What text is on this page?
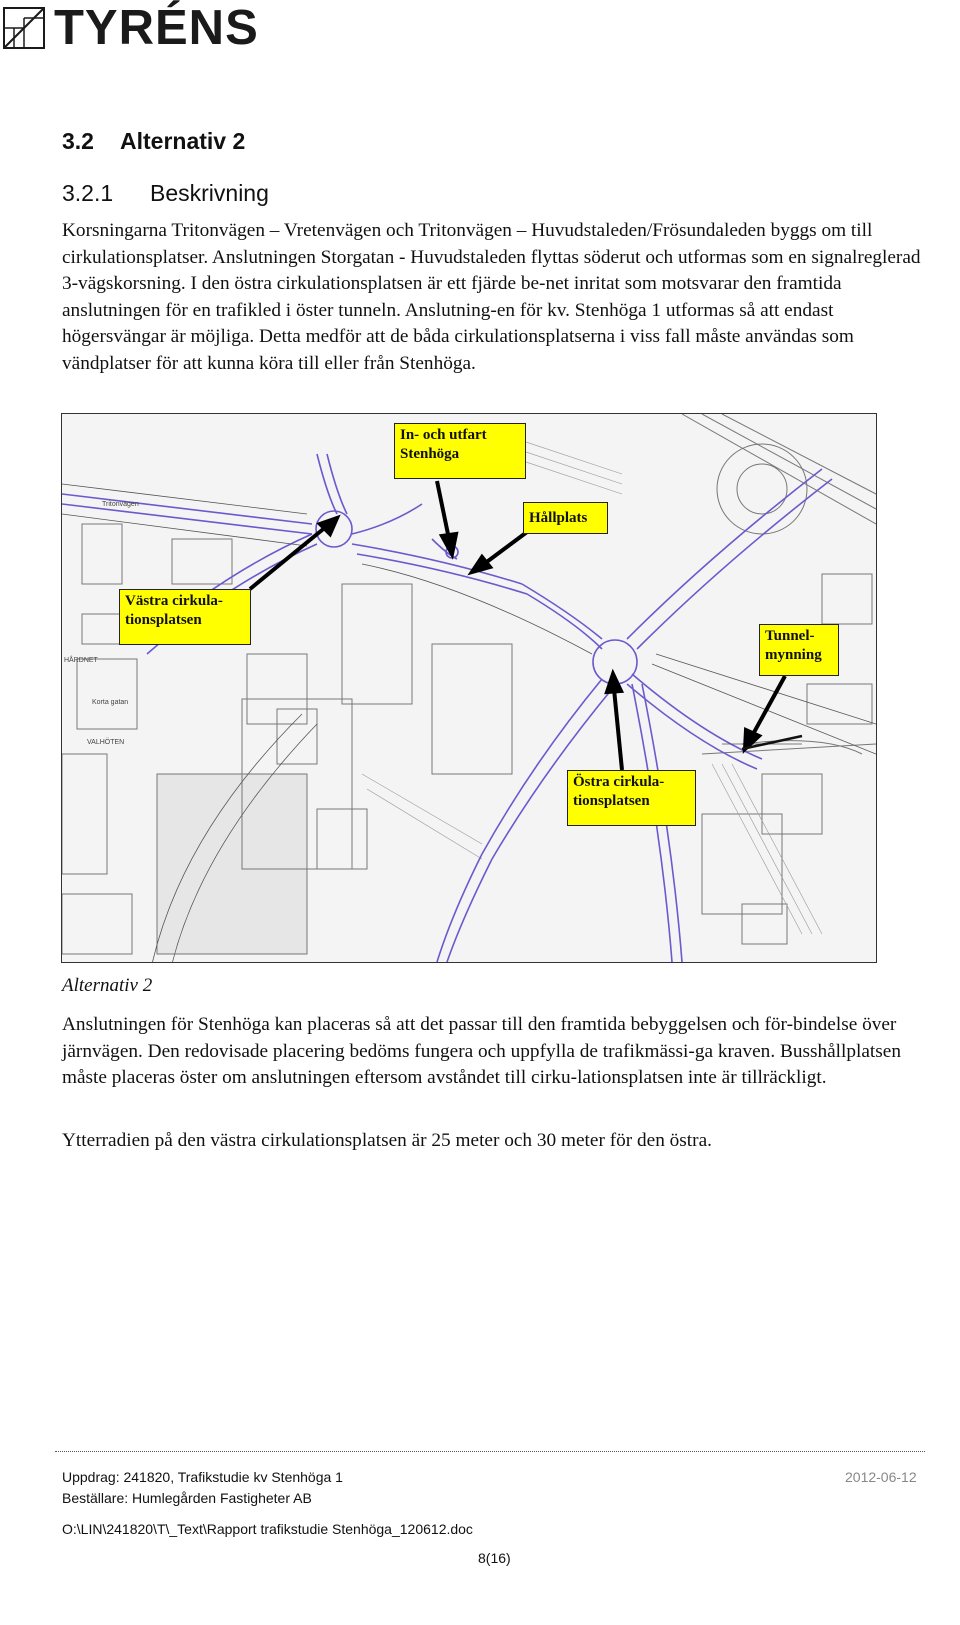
TYRÉNS
3.2 Alternativ 2
3.2.1 Beskrivning

Korsningarna Tritonvägen – Vretenvägen och Tritonvägen – Huvudstaleden/Frösundaleden byggs om till cirkulationsplatser. Anslutningen Storgatan - Huvudstaleden flyttas söderut och utformas som en signalreglerad 3-vägskorsning. I den östra cirkulationsplatsen är ett fjärde be-net inritat som motsvarar den framtida anslutningen för en trafikled i öster tunneln. Anslutning-en för kv. Stenhöga 1 utformas så att endast högersvängar är möjliga. Detta medför att de båda cirkulationsplatserna i viss fall måste användas som vändplatser för att kunna köra till eller från Stenhöga.

Tritonvägen
VALHÖTEN
Korta gatan
HÅRDNET
In- och utfart Stenhöga
Hållplats
Västra cirkula-tionsplatsen
Tunnel-mynning
Östra cirkula-tionsplatsen
Alternativ 2

Anslutningen för Stenhöga kan placeras så att det passar till den framtida bebyggelsen och för-bindelse över järnvägen. Den redovisade placering bedöms fungera och uppfylla de trafikmässi-ga kraven. Busshållplatsen måste placeras öster om anslutningen eftersom avståndet till cirku-lationsplatsen inte är tillräckligt.

Ytterradien på den västra cirkulationsplatsen är 25 meter och 30 meter för den östra.

Uppdrag: 241820, Trafikstudie kv Stenhöga 1
Beställare: Humlegården Fastigheter AB
O:\LIN\241820\T\_Text\Rapport trafikstudie Stenhöga_120612.doc
2012-06-12
8(16)
